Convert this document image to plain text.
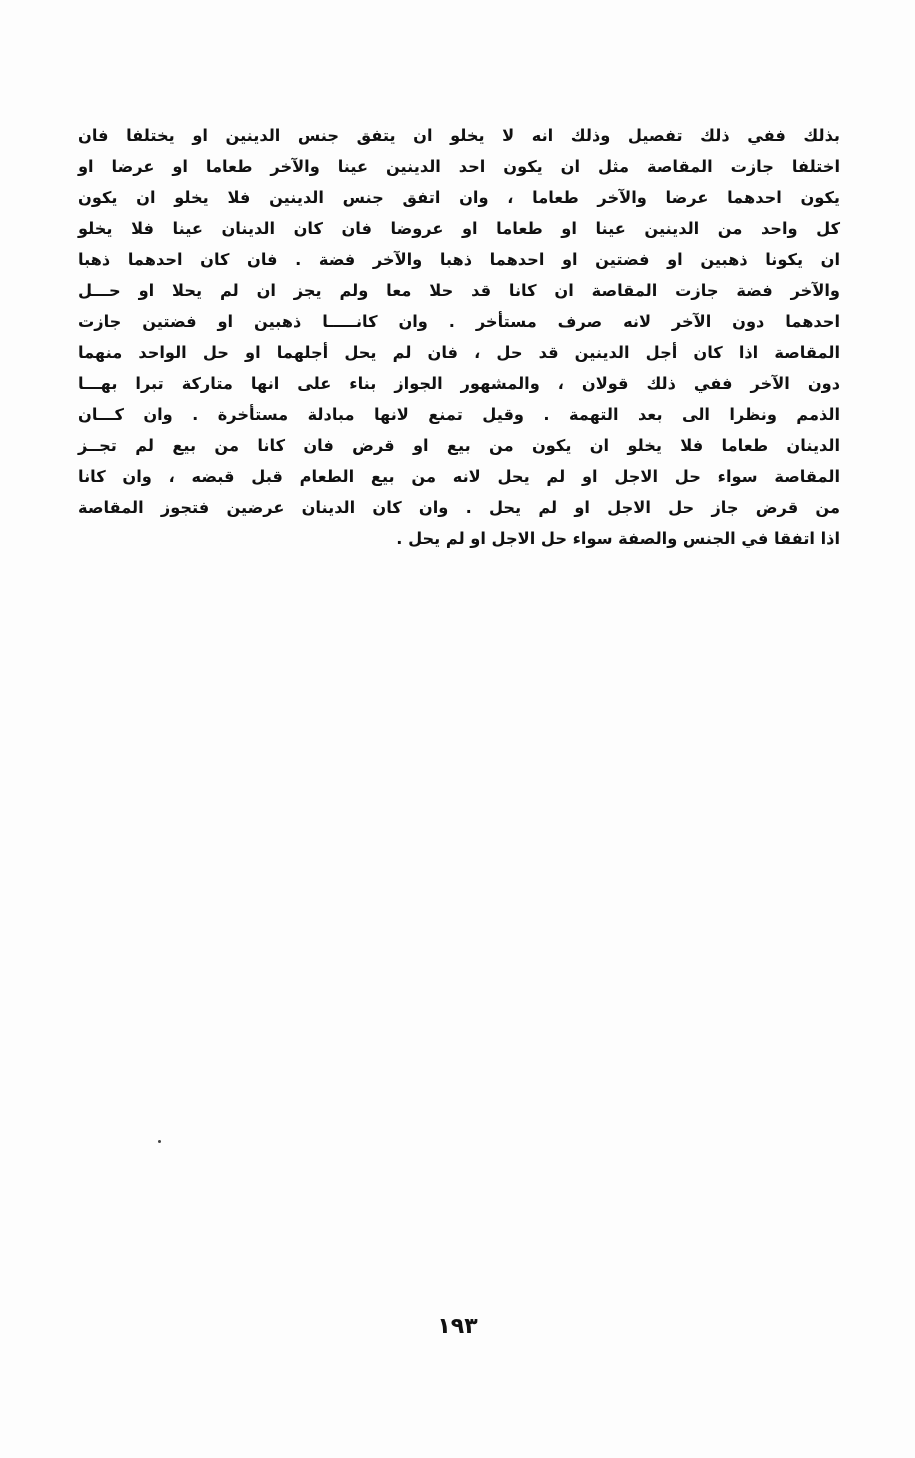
بذلك ففي ذلك تفصيل وذلك انه لا يخلو ان يتفق جنس الدينين او يختلفا فان
اختلفا جازت المقاصة مثل ان يكون احد الدينين عينا والآخر طعاما او عرضا او
يكون احدهما عرضا والآخر طعاما ، وان اتفق جنس الدينين فلا يخلو ان يكون
كل واحد من الدينين عينا او طعاما او عروضا فان كان الدينان عينا فلا يخلو
ان يكونا ذهبين او فضتين او احدهما ذهبا والآخر فضة . فان كان احدهما ذهبا
والآخر فضة جازت المقاصة ان كانا قد حلا معا ولم يجز ان لم يحلا او حـــل
احدهما دون الآخر لانه صرف مستأخر . وان كانـــــا ذهبين او فضتين جازت
المقاصة اذا كان أجل الدينين قد حل ، فان لم يحل أجلهما او حل الواحد منهما
دون الآخر ففي ذلك قولان ، والمشهور الجواز بناء على انها متاركة تبرا بهـــا
الذمم ونظرا الى بعد التهمة . وقيل تمنع لانها مبادلة مستأخرة . وان كـــان
الدينان طعاما فلا يخلو ان يكون من بيع او قرض فان كانا من بيع لم تجــز
المقاصة سواء حل الاجل او لم يحل لانه من بيع الطعام قبل قبضه ، وان كانا
من قرض جاز حل الاجل او لم يحل . وان كان الدينان عرضين فتجوز المقاصة
اذا اتفقا في الجنس والصفة سواء حل الاجل او لم يحل .
١٩٣
